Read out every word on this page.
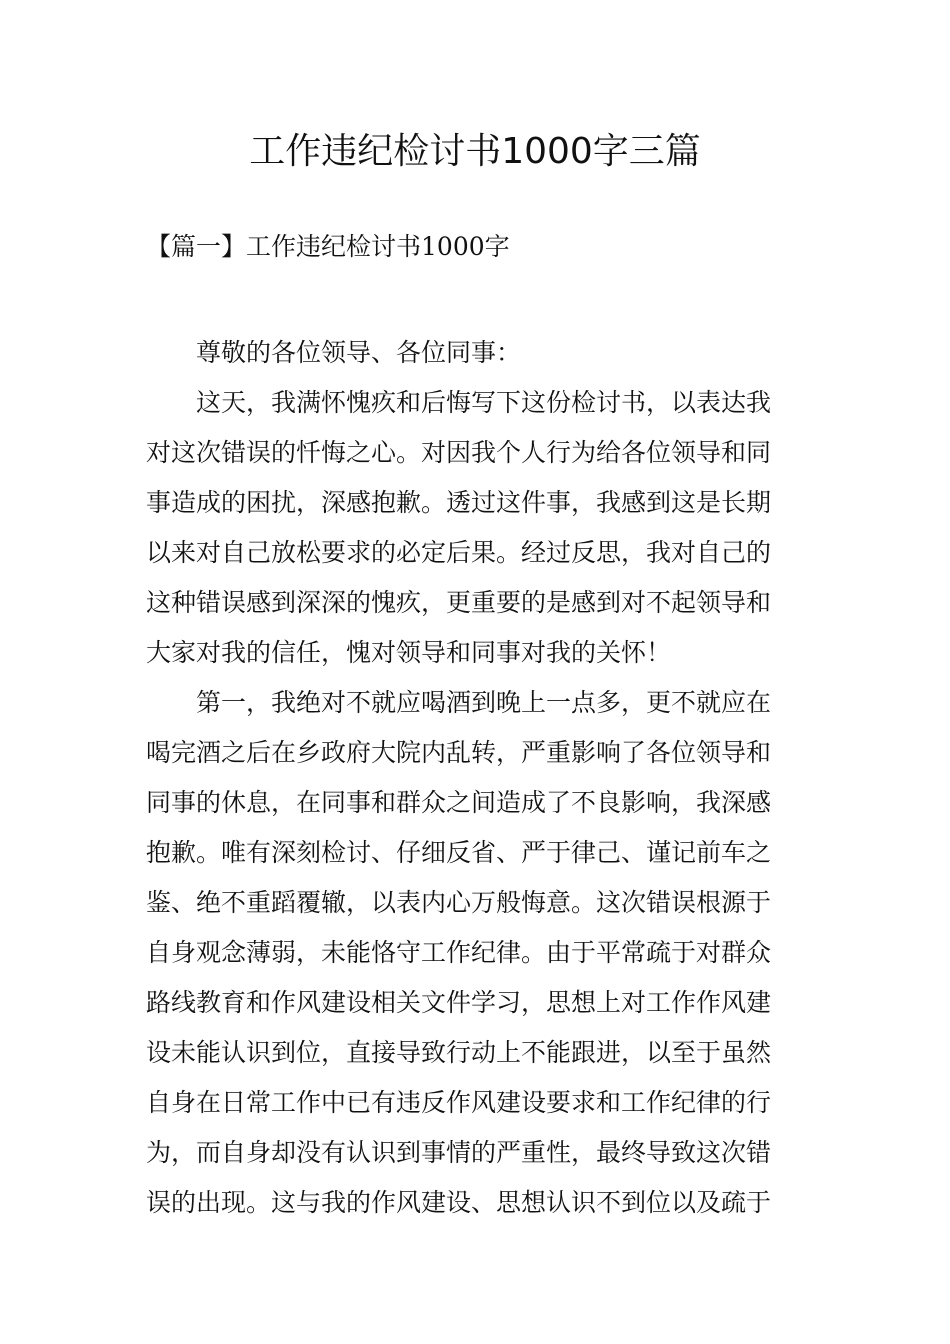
工作违纪检讨书1000字三篇
【篇一】工作违纪检讨书1000字
尊敬的各位领导、各位同事：
这天，我满怀愧疚和后悔写下这份检讨书，以表达我
对这次错误的忏悔之心。对因我个人行为给各位领导和同
事造成的困扰，深感抱歉。透过这件事，我感到这是长期
以来对自己放松要求的必定后果。经过反思，我对自己的
这种错误感到深深的愧疚，更重要的是感到对不起领导和
大家对我的信任，愧对领导和同事对我的关怀！
第一，我绝对不就应喝酒到晚上一点多，更不就应在
喝完酒之后在乡政府大院内乱转，严重影响了各位领导和
同事的休息，在同事和群众之间造成了不良影响，我深感
抱歉。唯有深刻检讨、仔细反省、严于律己、谨记前车之
鉴、绝不重蹈覆辙，以表内心万般悔意。这次错误根源于
自身观念薄弱，未能恪守工作纪律。由于平常疏于对群众
路线教育和作风建设相关文件学习，思想上对工作作风建
设未能认识到位，直接导致行动上不能跟进，以至于虽然
自身在日常工作中已有违反作风建设要求和工作纪律的行
为，而自身却没有认识到事情的严重性，最终导致这次错
误的出现。这与我的作风建设、思想认识不到位以及疏于
